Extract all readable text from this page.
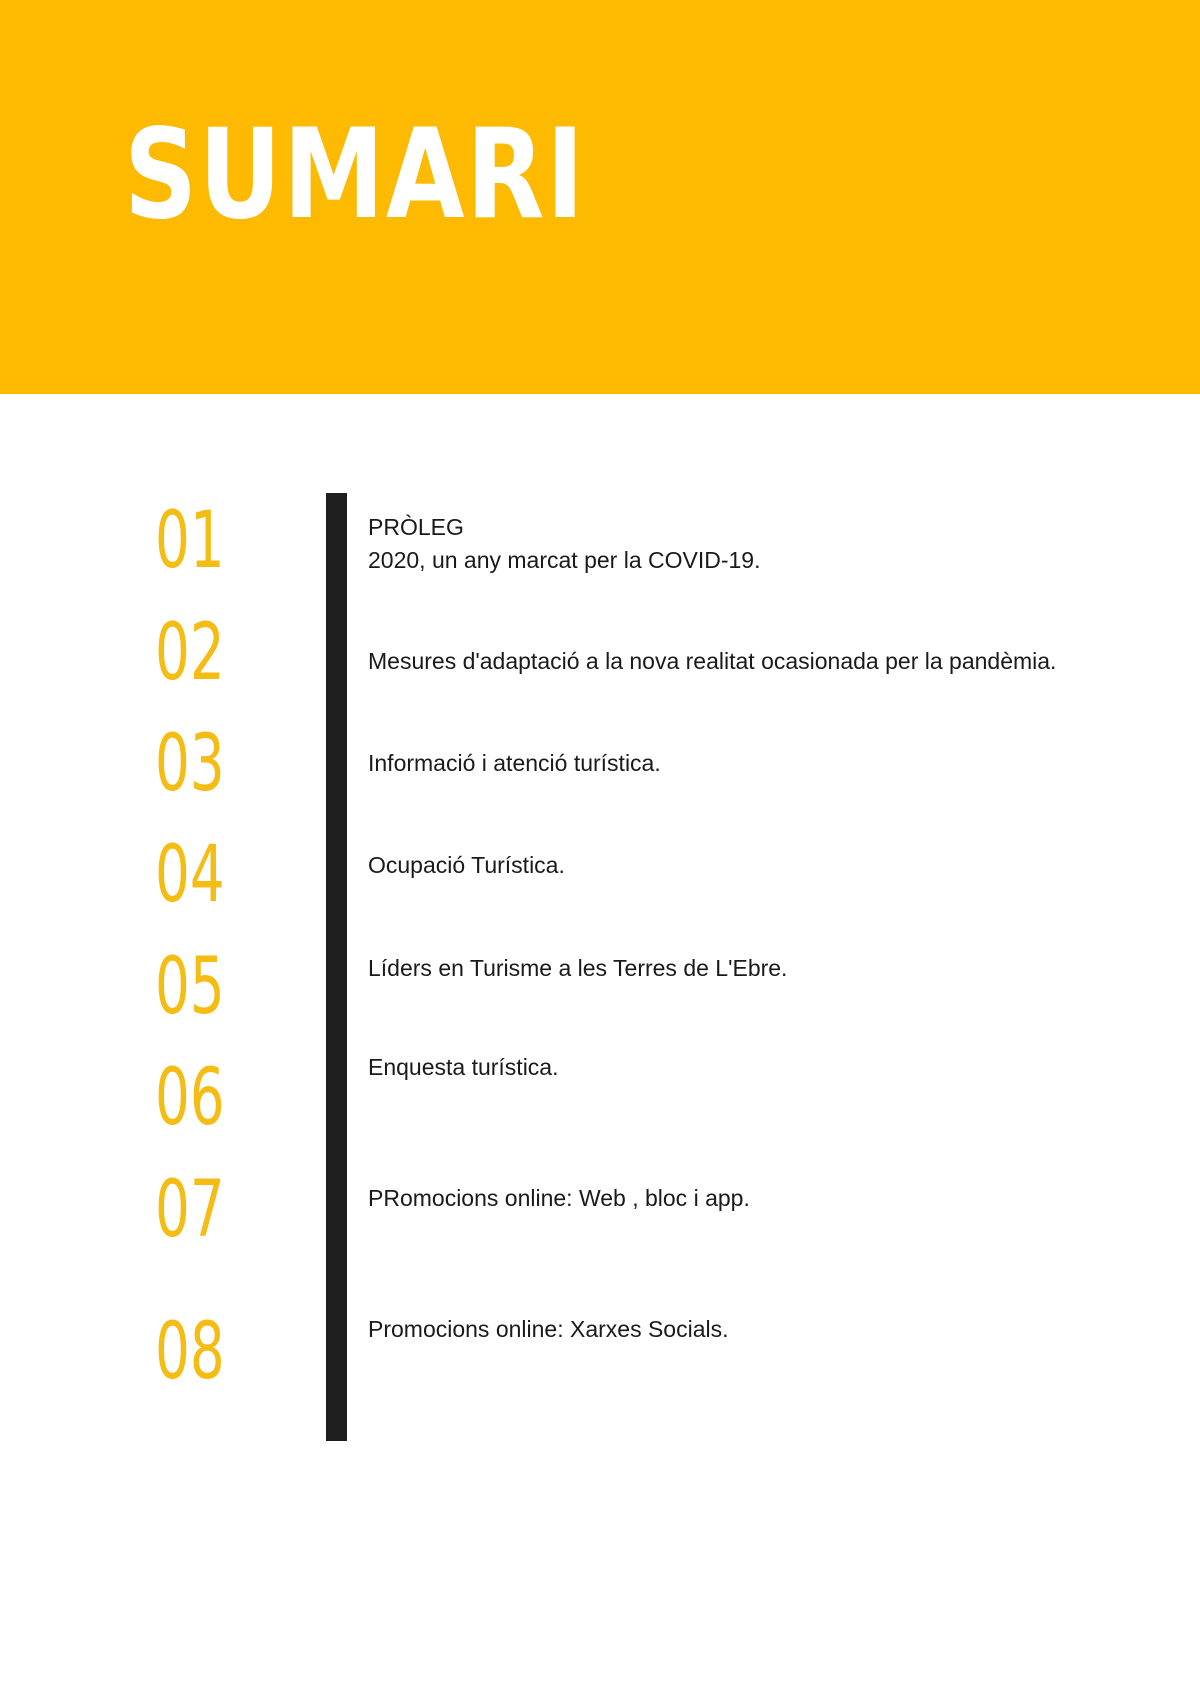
SUMARI
01	PRÒLEG
2020, un any marcat per la COVID-19.
02	Mesures d'adaptació a la nova realitat ocasionada per la pandèmia.
03	Informació i atenció turística.
04	Ocupació Turística.
05	Líders en Turisme a les Terres de L'Ebre.
06	Enquesta turística.
07	PRomocions online: Web , bloc i app.
08	Promocions online: Xarxes Socials.
